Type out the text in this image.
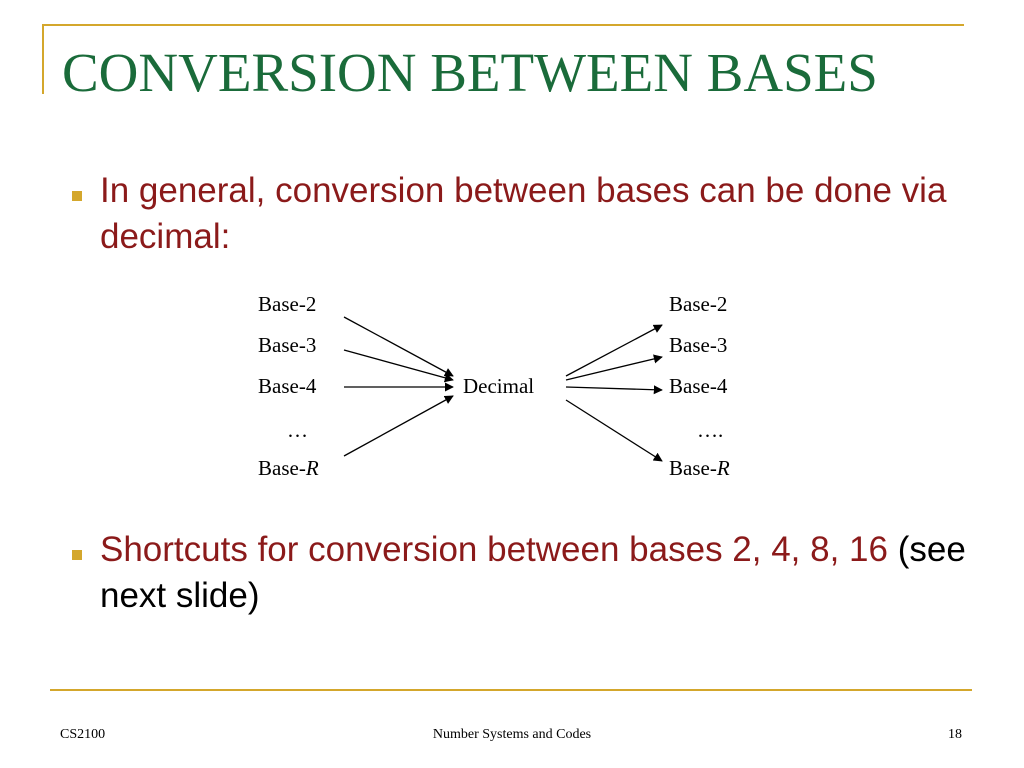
CONVERSION BETWEEN BASES

In general, conversion between bases can be done via decimal:

Base-2
Base-3
Base-4
…
Base-R
Decimal
Base-2
Base-3
Base-4
….
Base-R

Shortcuts for conversion between bases 2, 4, 8, 16 (see next slide)

CS2100	Number Systems and Codes	18
